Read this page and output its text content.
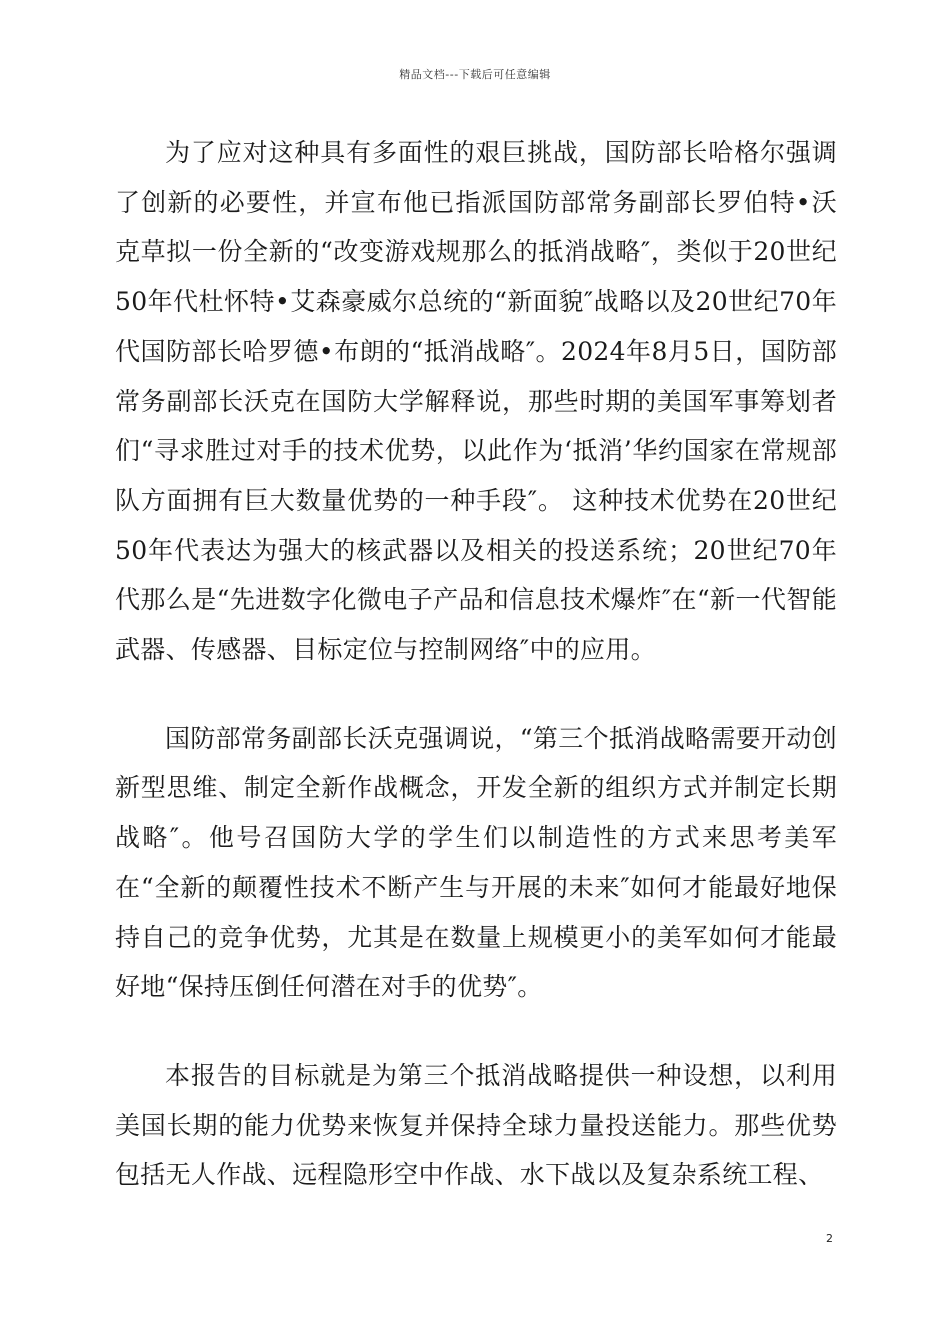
精品文档---下载后可任意编辑

为了应对这种具有多面性的艰巨挑战，国防部长哈格尔强调了创新的必要性，并宣布他已指派国防部常务副部长罗伯特•沃克草拟一份全新的“改变游戏规那么的抵消战略″，类似于20世纪50年代杜怀特•艾森豪威尔总统的“新面貌″战略以及20世纪70年代国防部长哈罗德•布朗的“抵消战略″。2024年8月5日，国防部常务副部长沃克在国防大学解释说，那些时期的美国军事筹划者们“寻求胜过对手的技术优势，以此作为‘抵消’华约国家在常规部队方面拥有巨大数量优势的一种手段″。 这种技术优势在20世纪50年代表达为强大的核武器以及相关的投送系统；20世纪70年代那么是“先进数字化微电子产品和信息技术爆炸″在“新一代智能武器、传感器、目标定位与控制网络″中的应用。

国防部常务副部长沃克强调说，“第三个抵消战略需要开动创新型思维、制定全新作战概念，开发全新的组织方式并制定长期战略″。他号召国防大学的学生们以制造性的方式来思考美军在“全新的颠覆性技术不断产生与开展的未来″如何才能最好地保持自己的竞争优势，尤其是在数量上规模更小的美军如何才能最好地“保持压倒任何潜在对手的优势″。

本报告的目标就是为第三个抵消战略提供一种设想，以利用美国长期的能力优势来恢复并保持全球力量投送能力。那些优势包括无人作战、远程隐形空中作战、水下战以及复杂系统工程、

2
